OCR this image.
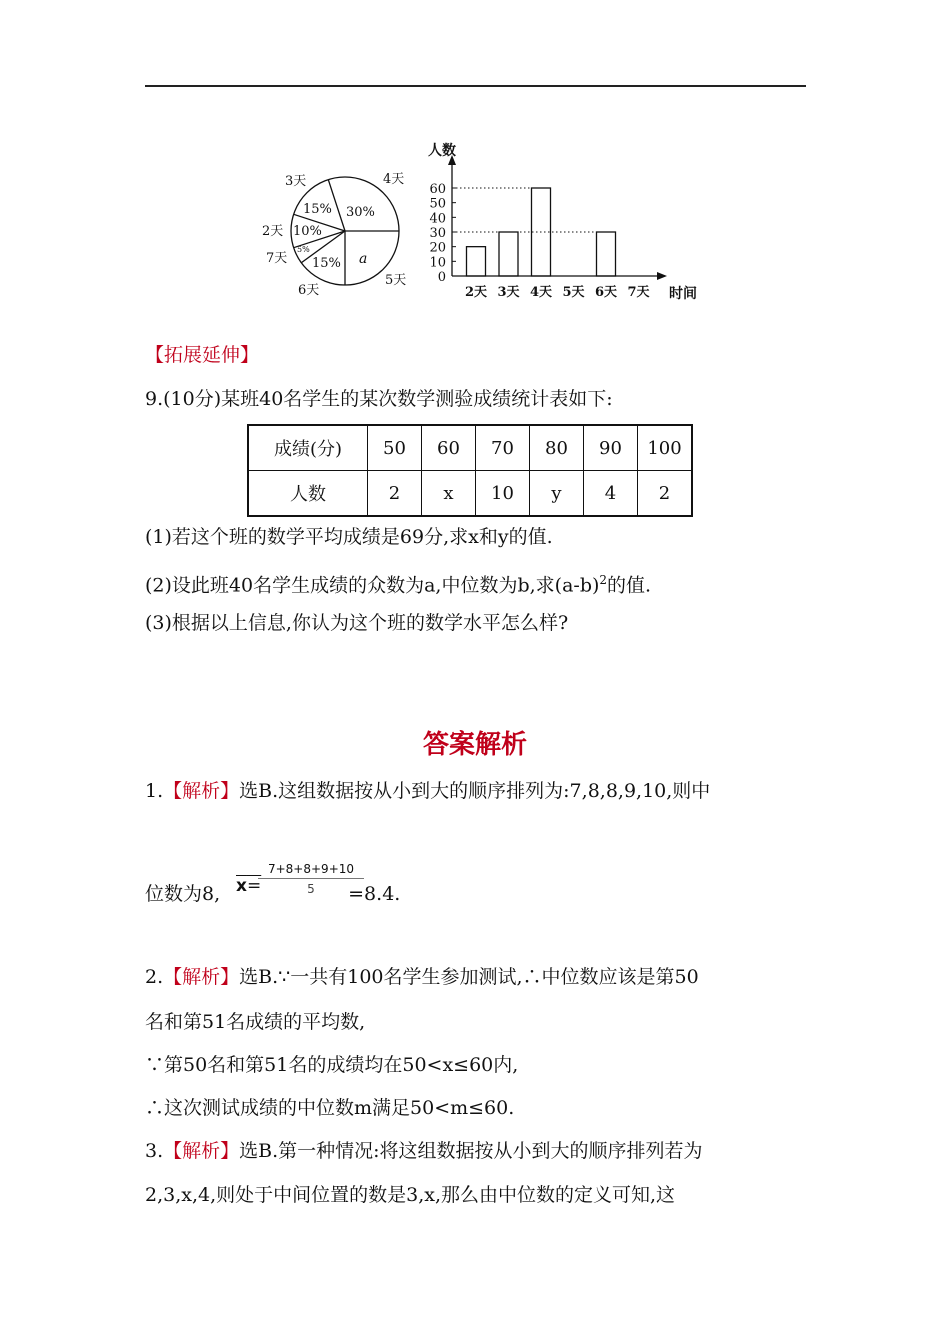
3天	4天
2天
7天
6天
5天
15% 30%
10%
5%
15% a
0
10
20
30
40
50
60
人数
时间
2天 3天 4天 5天 6天 7天
【拓展延伸】
9.(10分)某班40名学生的某次数学测验成绩统计表如下:
成绩(分)	50	60	70	80	90	100
人数	2	x	10	y	4	2
(1)若这个班的数学平均成绩是69分,求x和y的值.
(2)设此班40名学生成绩的众数为a,中位数为b,求$(a-b)^2$的值.
(3)根据以上信息,你认为这个班的数学水平怎么样?
答案解析
1.【解析】选B.这组数据按从小到大的顺序排列为:7,8,8,9,10,则中
$\frac{7+8+8+9+10}{5}$
位数为8,	=8.4.
x=
2.【解析】选B.∵一共有100名学生参加测试,∴中位数应该是第50
名和第51名成绩的平均数,
∵第50名和第51名的成绩均在50<x≤60内,
∴这次测试成绩的中位数m满足50<m≤60.
3.【解析】选B.第一种情况:将这组数据按从小到大的顺序排列若为
2,3,x,4,则处于中间位置的数是3,x,那么由中位数的定义可知,这
